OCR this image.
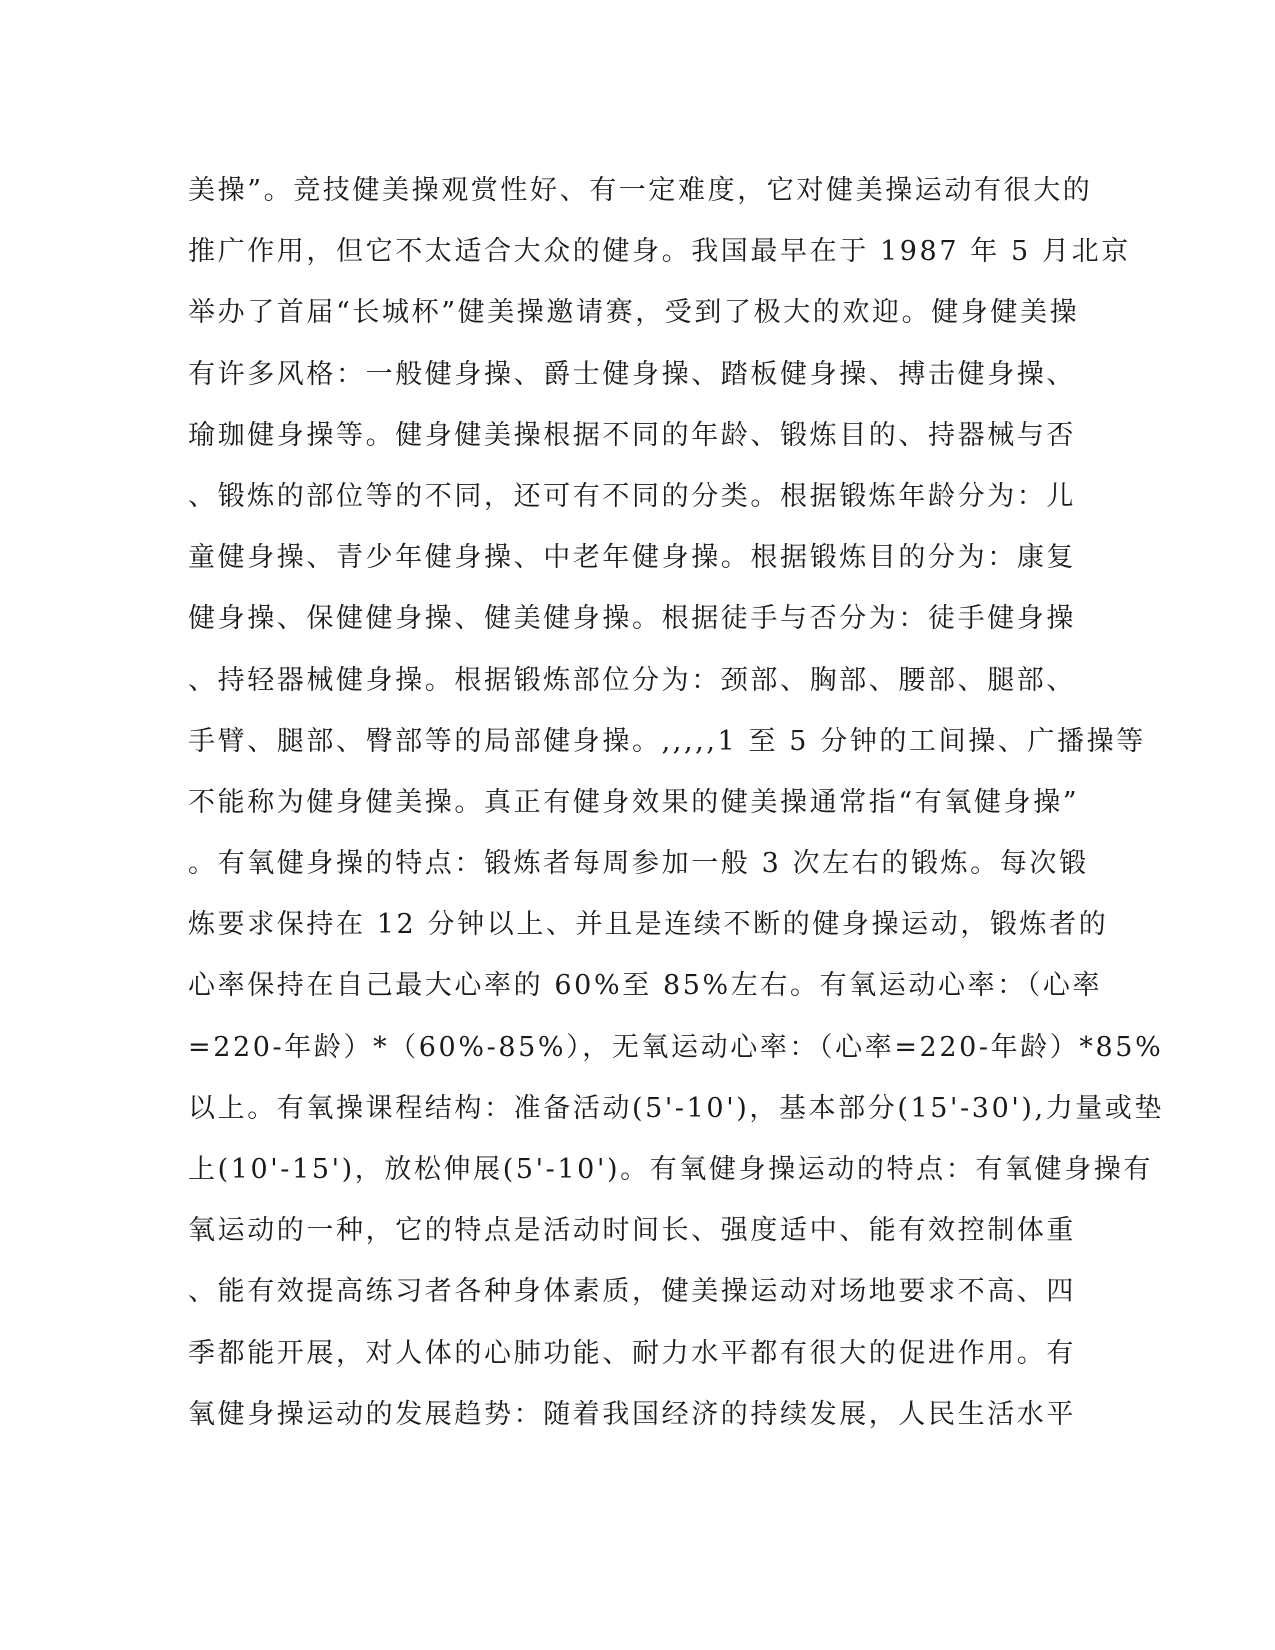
美操”。竞技健美操观赏性好、有一定难度，它对健美操运动有很大的
推广作用，但它不太适合大众的健身。我国最早在于 1987 年 5 月北京
举办了首届“长城杯”健美操邀请赛，受到了极大的欢迎。健身健美操
有许多风格：一般健身操、爵士健身操、踏板健身操、搏击健身操、
瑜珈健身操等。健身健美操根据不同的年龄、锻炼目的、持器械与否
、锻炼的部位等的不同，还可有不同的分类。根据锻炼年龄分为：儿
童健身操、青少年健身操、中老年健身操。根据锻炼目的分为：康复
健身操、保健健身操、健美健身操。根据徒手与否分为：徒手健身操
、持轻器械健身操。根据锻炼部位分为：颈部、胸部、腰部、腿部、
手臂、腿部、臀部等的局部健身操。,,,,,1 至 5 分钟的工间操、广播操等
不能称为健身健美操。真正有健身效果的健美操通常指“有氧健身操”
。有氧健身操的特点：锻炼者每周参加一般 3 次左右的锻炼。每次锻
炼要求保持在 12 分钟以上、并且是连续不断的健身操运动，锻炼者的
心率保持在自己最大心率的 60%至 85%左右。有氧运动心率：（心率
=220-年龄）*（60%-85%），无氧运动心率：（心率=220-年龄）*85%
以上。有氧操课程结构：准备活动(5'-10')，基本部分(15'-30'),力量或垫
上(10'-15')，放松伸展(5'-10')。有氧健身操运动的特点：有氧健身操有
氧运动的一种，它的特点是活动时间长、强度适中、能有效控制体重
、能有效提高练习者各种身体素质，健美操运动对场地要求不高、四
季都能开展，对人体的心肺功能、耐力水平都有很大的促进作用。有
氧健身操运动的发展趋势：随着我国经济的持续发展，人民生活水平
